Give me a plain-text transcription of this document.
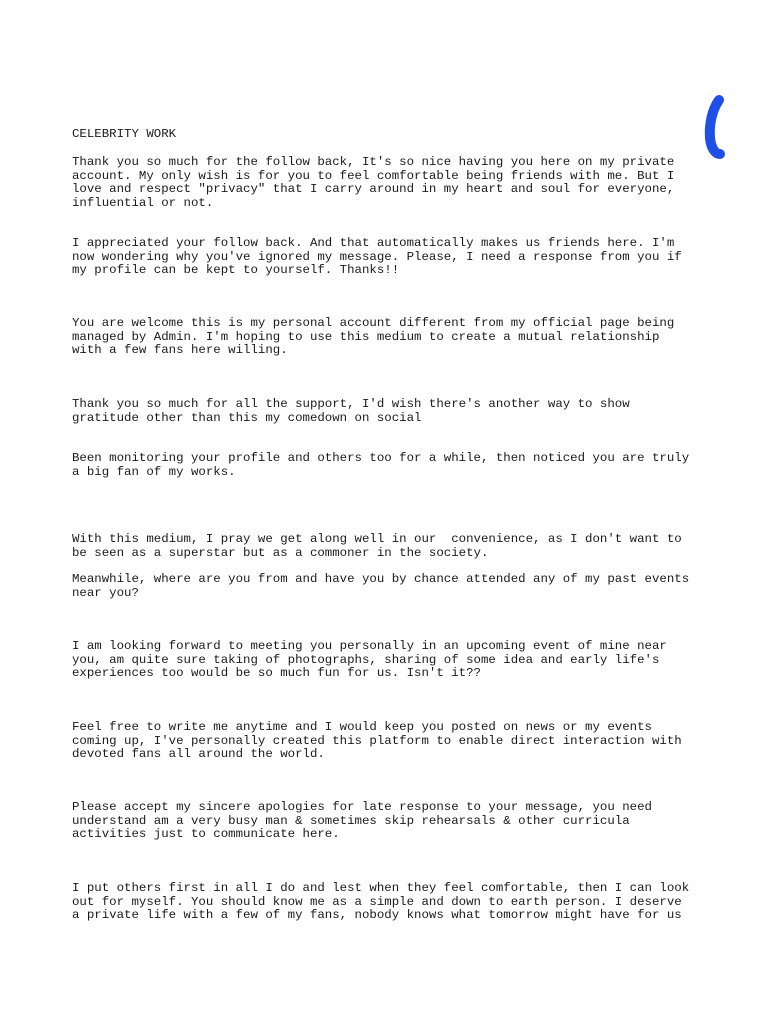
CELEBRITY WORK

Thank you so much for the follow back, It's so nice having you here on my private
account. My only wish is for you to feel comfortable being friends with me. But I
love and respect "privacy" that I carry around in my heart and soul for everyone,
influential or not.

I appreciated your follow back. And that automatically makes us friends here. I'm
now wondering why you've ignored my message. Please, I need a response from you if
my profile can be kept to yourself. Thanks!!

You are welcome this is my personal account different from my official page being
managed by Admin. I'm hoping to use this medium to create a mutual relationship
with a few fans here willing.

Thank you so much for all the support, I'd wish there's another way to show
gratitude other than this my comedown on social

Been monitoring your profile and others too for a while, then noticed you are truly
a big fan of my works.

With this medium, I pray we get along well in our  convenience, as I don't want to
be seen as a superstar but as a commoner in the society.

Meanwhile, where are you from and have you by chance attended any of my past events
near you?

I am looking forward to meeting you personally in an upcoming event of mine near
you, am quite sure taking of photographs, sharing of some idea and early life's
experiences too would be so much fun for us. Isn't it??

Feel free to write me anytime and I would keep you posted on news or my events
coming up, I've personally created this platform to enable direct interaction with
devoted fans all around the world.

Please accept my sincere apologies for late response to your message, you need
understand am a very busy man & sometimes skip rehearsals & other curricula
activities just to communicate here.

I put others first in all I do and lest when they feel comfortable, then I can look
out for myself. You should know me as a simple and down to earth person. I deserve
a private life with a few of my fans, nobody knows what tomorrow might have for us
